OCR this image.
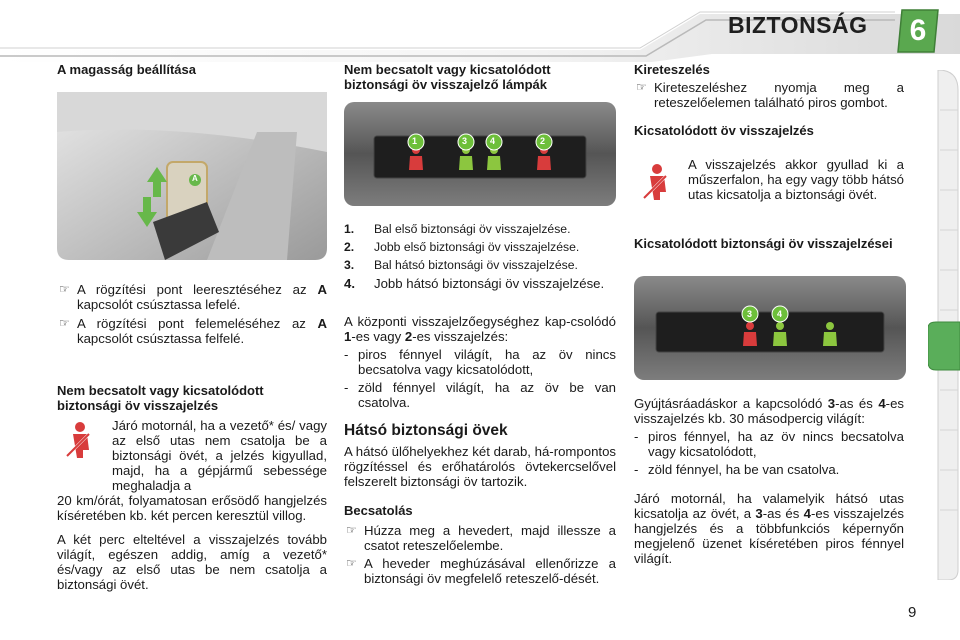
BIZTONSÁG	6

A magasság beállítása

A

☞ A rögzítési pont leeresztéséhez az A kapcsolót csúsztassa lefelé.

☞ A rögzítési pont felemeléséhez az A kapcsolót csúsztassa felfelé.

Nem becsatolt vagy kicsatolódott biztonsági öv visszajelzés

Járó motornál, ha a vezető* és/ vagy az első utas nem csatolja be a biztonsági övét, a jelzés kigyullad, majd, ha a gépjármű sebessége meghaladja a

20 km/órát, folyamatosan erősödő hangjelzés kíséretében kb. két percen keresztül villog.

A két perc elteltével a visszajelzés tovább világít, egészen addig, amíg a vezető* és/vagy az első utas be nem csatolja a biztonsági övét.

Nem becsatolt vagy kicsatolódott biztonsági öv visszajelző lámpák

1	3	4	2

1. Bal első biztonsági öv visszajelzése.

2. Jobb első biztonsági öv visszajelzése.

3. Bal hátsó biztonsági öv visszajelzése.

4. Jobb hátsó biztonsági öv visszajelzése.

A központi visszajelzőegységhez kap-csolódó 1-es vagy 2-es visszajelzés:

- piros fénnyel világít, ha az öv nincs becsatolva vagy kicsatolódott,

- zöld fénnyel világít, ha az öv be van csatolva.

Hátsó biztonsági övek

A hátsó ülőhelyekhez két darab, há-rompontos rögzítéssel és erőhatárolós övtekercselővel felszerelt biztonsági öv tartozik.

Becsatolás

☞ Húzza meg a hevedert, majd illessze a csatot reteszelőelembe.

☞ A heveder meghúzásával ellenőrizze a biztonsági öv megfelelő reteszelő-dését.

Kireteszelés

☞ Kireteszeléshez nyomja meg a reteszelőelemen található piros gombot.

Kicsatolódott öv visszajelzés

A visszajelzés akkor gyullad ki a műszerfalon, ha egy vagy több hátsó utas kicsatolja a biztonsági övét.

Kicsatolódott biztonsági öv visszajelzései

3	4

Gyújtásráadáskor a kapcsolódó 3-as és 4-es visszajelzés kb. 30 másodpercig világít:

- piros fénnyel, ha az öv nincs becsatolva vagy kicsatolódott,

- zöld fénnyel, ha be van csatolva.

Járó motornál, ha valamelyik hátsó utas kicsatolja az övét, a 3-as és 4-es visszajelzés hangjelzés és a többfunkciós képernyőn megjelenő üzenet kíséretében piros fénnyel világít.

9
